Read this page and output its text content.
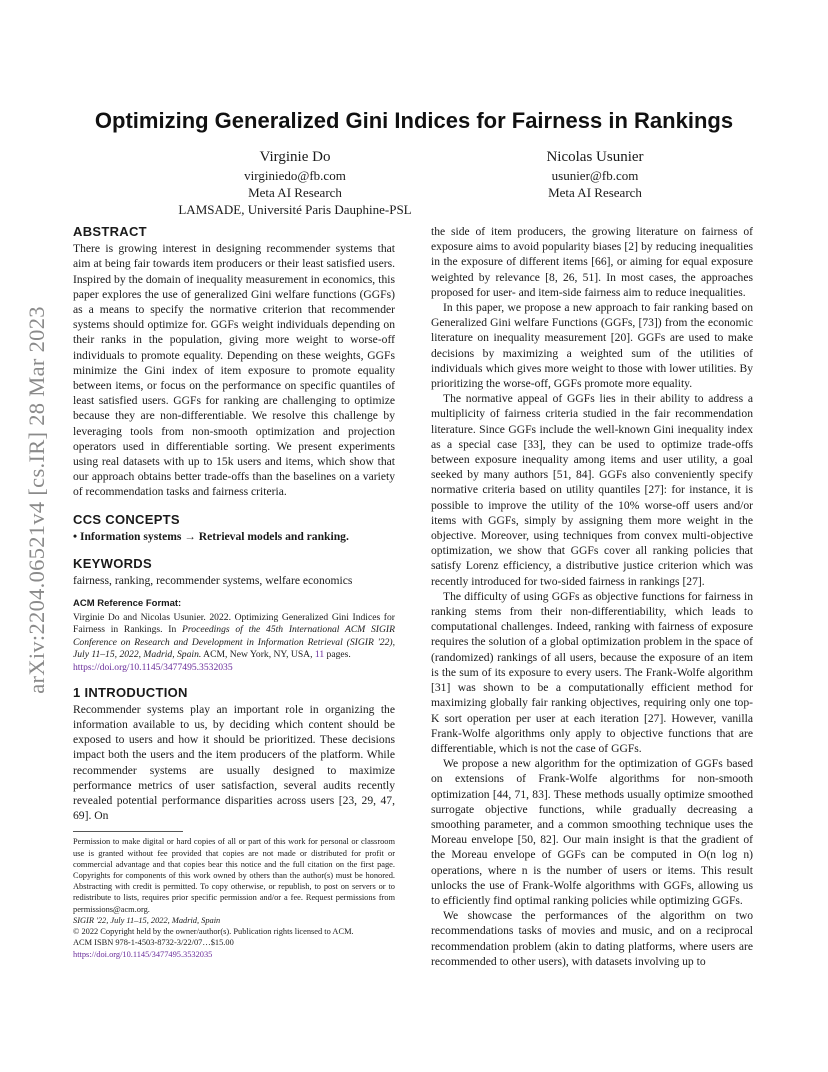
arXiv:2204.06521v4 [cs.IR] 28 Mar 2023
Optimizing Generalized Gini Indices for Fairness in Rankings
Virginie Do
virginiedo@fb.com
Meta AI Research
LAMSADE, Université Paris Dauphine-PSL
Nicolas Usunier
usunier@fb.com
Meta AI Research
ABSTRACT

There is growing interest in designing recommender systems that aim at being fair towards item producers or their least satisfied users. Inspired by the domain of inequality measurement in economics, this paper explores the use of generalized Gini welfare functions (GGFs) as a means to specify the normative criterion that recommender systems should optimize for. GGFs weight individuals depending on their ranks in the population, giving more weight to worse-off individuals to promote equality. Depending on these weights, GGFs minimize the Gini index of item exposure to promote equality between items, or focus on the performance on specific quantiles of least satisfied users. GGFs for ranking are challenging to optimize because they are non-differentiable. We resolve this challenge by leveraging tools from non-smooth optimization and projection operators used in differentiable sorting. We present experiments using real datasets with up to 15k users and items, which show that our approach obtains better trade-offs than the baselines on a variety of recommendation tasks and fairness criteria.

CCS CONCEPTS

• Information systems → Retrieval models and ranking.

KEYWORDS

fairness, ranking, recommender systems, welfare economics

ACM Reference Format:

Virginie Do and Nicolas Usunier. 2022. Optimizing Generalized Gini Indices for Fairness in Rankings. In Proceedings of the 45th International ACM SIGIR Conference on Research and Development in Information Retrieval (SIGIR '22), July 11–15, 2022, Madrid, Spain. ACM, New York, NY, USA, 11 pages.

https://doi.org/10.1145/3477495.3532035

1 INTRODUCTION

Recommender systems play an important role in organizing the information available to us, by deciding which content should be exposed to users and how it should be prioritized. These decisions impact both the users and the item producers of the platform. While recommender systems are usually designed to maximize performance metrics of user satisfaction, several audits recently revealed potential performance disparities across users [23, 29, 47, 69]. On

Permission to make digital or hard copies of all or part of this work for personal or classroom use is granted without fee provided that copies are not made or distributed for profit or commercial advantage and that copies bear this notice and the full citation on the first page. Copyrights for components of this work owned by others than the author(s) must be honored. Abstracting with credit is permitted. To copy otherwise, or republish, to post on servers or to redistribute to lists, requires prior specific permission and/or a fee. Request permissions from permissions@acm.org.

SIGIR '22, July 11–15, 2022, Madrid, Spain

© 2022 Copyright held by the owner/author(s). Publication rights licensed to ACM.

ACM ISBN 978-1-4503-8732-3/22/07…$15.00

https://doi.org/10.1145/3477495.3532035

the side of item producers, the growing literature on fairness of exposure aims to avoid popularity biases [2] by reducing inequalities in the exposure of different items [66], or aiming for equal exposure weighted by relevance [8, 26, 51]. In most cases, the approaches proposed for user- and item-side fairness aim to reduce inequalities.

In this paper, we propose a new approach to fair ranking based on Generalized Gini welfare Functions (GGFs, [73]) from the economic literature on inequality measurement [20]. GGFs are used to make decisions by maximizing a weighted sum of the utilities of individuals which gives more weight to those with lower utilities. By prioritizing the worse-off, GGFs promote more equality.

The normative appeal of GGFs lies in their ability to address a multiplicity of fairness criteria studied in the fair recommendation literature. Since GGFs include the well-known Gini inequality index as a special case [33], they can be used to optimize trade-offs between exposure inequality among items and user utility, a goal seeked by many authors [51, 84]. GGFs also conveniently specify normative criteria based on utility quantiles [27]: for instance, it is possible to improve the utility of the 10% worse-off users and/or items with GGFs, simply by assigning them more weight in the objective. Moreover, using techniques from convex multi-objective optimization, we show that GGFs cover all ranking policies that satisfy Lorenz efficiency, a distributive justice criterion which was recently introduced for two-sided fairness in rankings [27].

The difficulty of using GGFs as objective functions for fairness in ranking stems from their non-differentiability, which leads to computational challenges. Indeed, ranking with fairness of exposure requires the solution of a global optimization problem in the space of (randomized) rankings of all users, because the exposure of an item is the sum of its exposure to every users. The Frank-Wolfe algorithm [31] was shown to be a computationally efficient method for maximizing globally fair ranking objectives, requiring only one top-K sort operation per user at each iteration [27]. However, vanilla Frank-Wolfe algorithms only apply to objective functions that are differentiable, which is not the case of GGFs.

We propose a new algorithm for the optimization of GGFs based on extensions of Frank-Wolfe algorithms for non-smooth optimization [44, 71, 83]. These methods usually optimize smoothed surrogate objective functions, while gradually decreasing a smoothing parameter, and a common smoothing technique uses the Moreau envelope [50, 82]. Our main insight is that the gradient of the Moreau envelope of GGFs can be computed in O(n log n) operations, where n is the number of users or items. This result unlocks the use of Frank-Wolfe algorithms with GGFs, allowing us to efficiently find optimal ranking policies while optimizing GGFs.

We showcase the performances of the algorithm on two recommendations tasks of movies and music, and on a reciprocal recommendation problem (akin to dating platforms, where users are recommended to other users), with datasets involving up to
